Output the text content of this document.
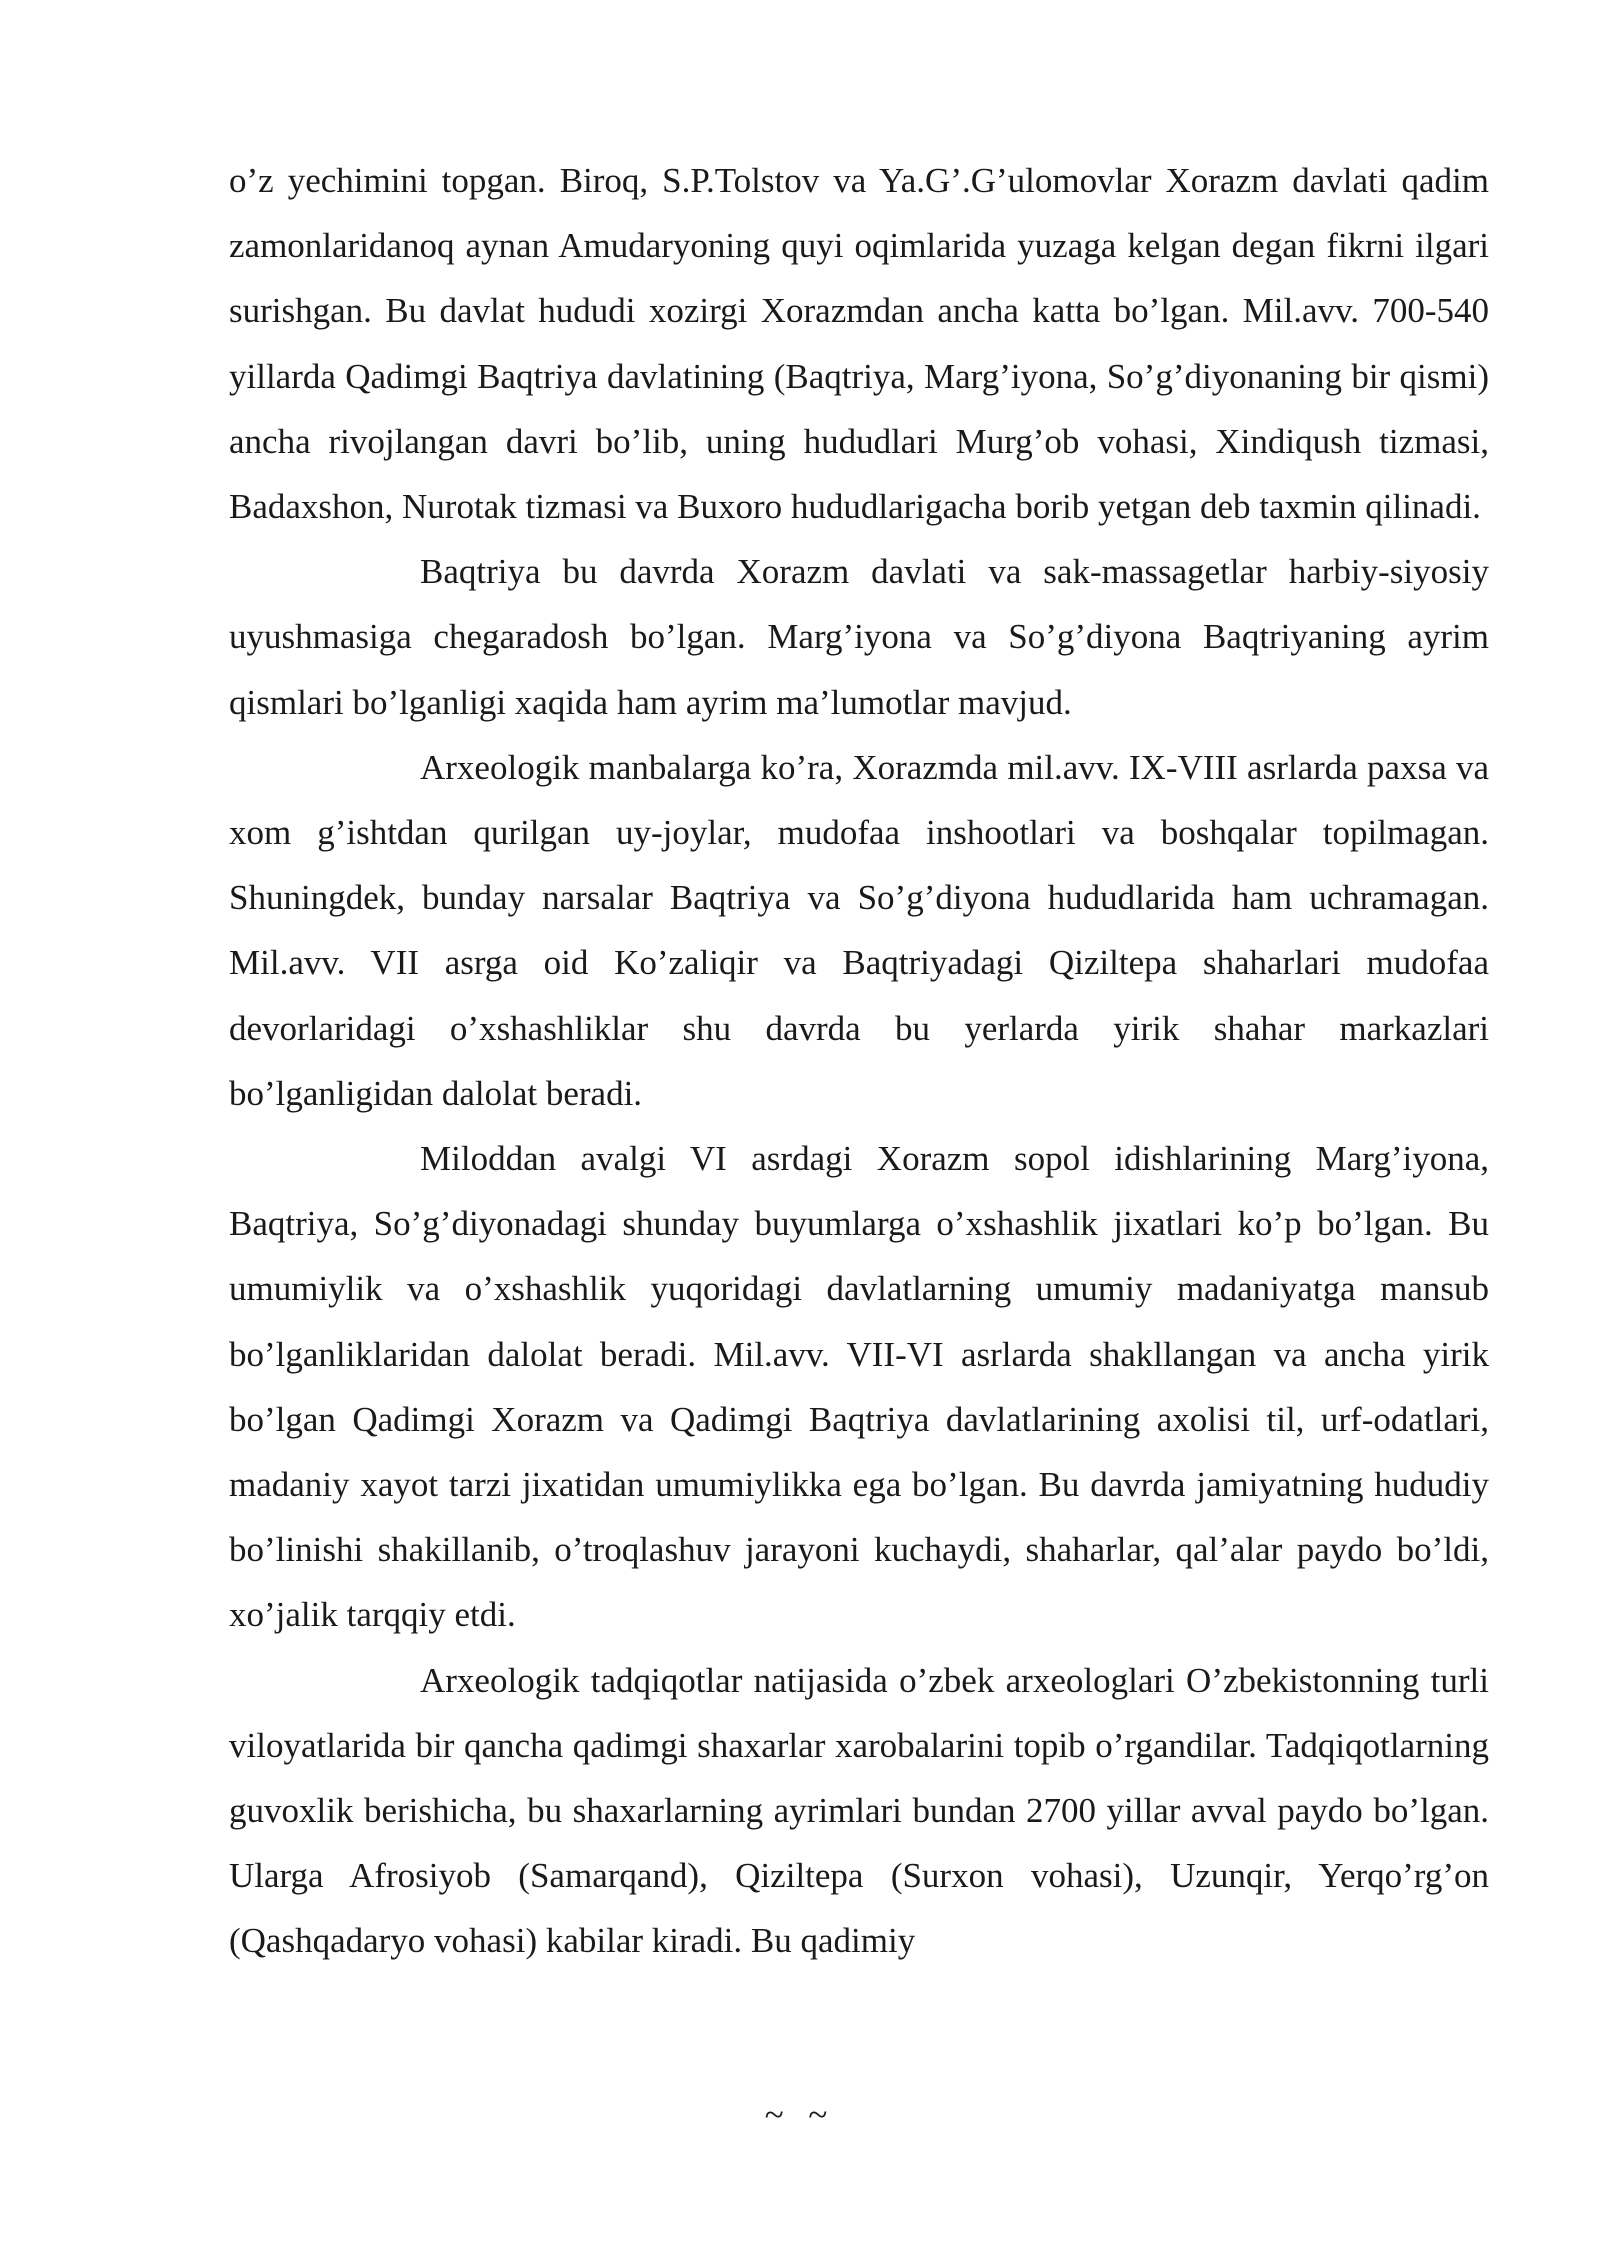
o’z yechimini topgan. Biroq, S.P.Tolstov va Ya.G’.G’ulomovlar Xorazm davlati qadim zamonlaridanoq aynan Amudaryoning quyi oqimlarida yuzaga kelgan degan fikrni ilgari surishgan. Bu davlat hududi xozirgi Xorazmdan ancha katta bo’lgan. Mil.avv. 700-540 yillarda Qadimgi Baqtriya davlatining (Baqtriya, Marg’iyona, So’g’diyonaning bir qismi) ancha rivojlangan davri bo’lib, uning hududlari Murg’ob vohasi, Xindiqush tizmasi, Badaxshon, Nurotak tizmasi va Buxoro hududlarigacha borib yetgan deb taxmin qilinadi.

Baqtriya bu davrda Xorazm davlati va sak-massagetlar harbiy-siyosiy uyushmasiga chegaradosh bo’lgan. Marg’iyona va So’g’diyona Baqtriyaning ayrim qismlari bo’lganligi xaqida ham ayrim ma’lumotlar mavjud.

Arxeologik manbalarga ko’ra, Xorazmda mil.avv. IX-VIII asrlarda paxsa va xom g’ishtdan qurilgan uy-joylar, mudofaa inshootlari va boshqalar topilmagan. Shuningdek, bunday narsalar Baqtriya va So’g’diyona hududlarida ham uchramagan. Mil.avv. VII asrga oid Ko’zaliqir va Baqtriyadagi Qiziltepa shaharlari mudofaa devorlaridagi o’xshashliklar shu davrda bu yerlarda yirik shahar markazlari bo’lganligidan dalolat beradi.

Miloddan avalgi VI asrdagi Xorazm sopol idishlarining Marg’iyona, Baqtriya, So’g’diyonadagi shunday buyumlarga o’xshashlik jixatlari ko’p bo’lgan. Bu umumiylik va o’xshashlik yuqoridagi davlatlarning umumiy madaniyatga mansub bo’lganliklaridan dalolat beradi. Mil.avv. VII-VI asrlarda shakllangan va ancha yirik bo’lgan Qadimgi Xorazm va Qadimgi Baqtriya davlatlarining axolisi til, urf-odatlari, madaniy xayot tarzi jixatidan umumiylikka ega bo’lgan. Bu davrda jamiyatning hududiy bo’linishi shakillanib, o’troqlashuv jarayoni kuchaydi, shaharlar, qal’alar paydo bo’ldi, xo’jalik tarqqiy etdi.

Arxeologik tadqiqotlar natijasida o’zbek arxeologlari O’zbekistonning turli viloyatlarida bir qancha qadimgi shaxarlar xarobalarini topib o’rgandilar. Tadqiqotlarning guvoxlik berishicha, bu shaxarlarning ayrimlari bundan 2700 yillar avval paydo bo’lgan. Ularga Afrosiyob (Samarqand), Qiziltepa (Surxon vohasi), Uzunqir, Yerqo’rg’on (Qashqadaryo vohasi) kabilar kiradi. Bu qadimiy

~ ~
